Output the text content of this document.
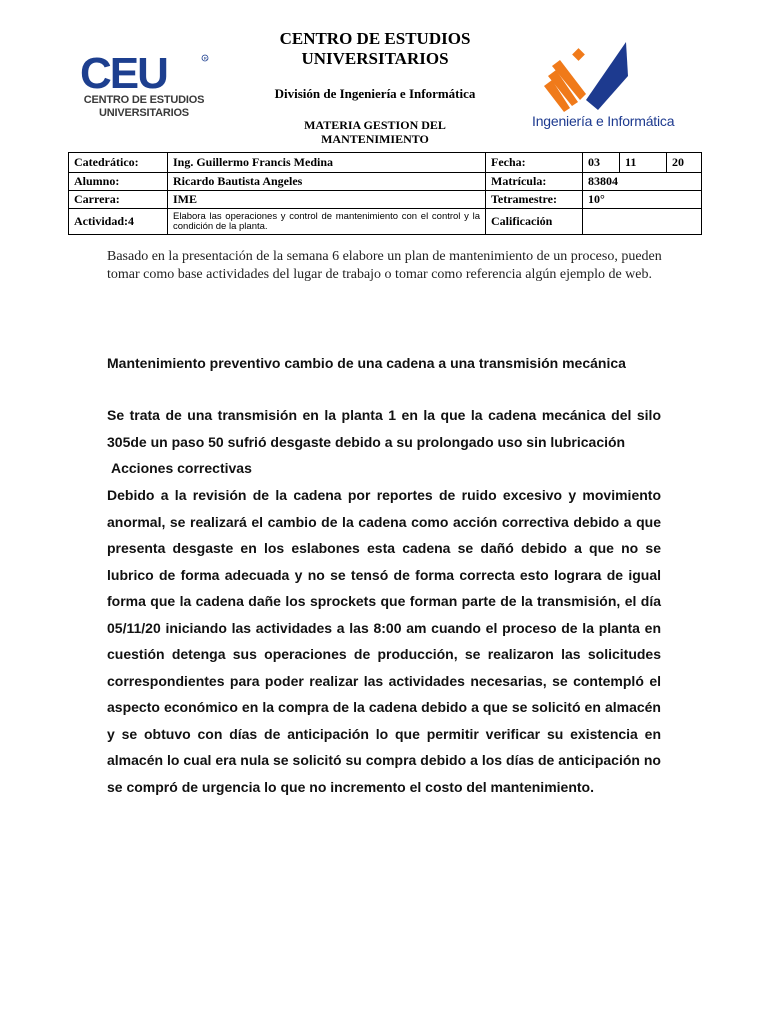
CEU	R
CENTRO DE ESTUDIOS
UNIVERSITARIOS
CENTRO DE ESTUDIOS
UNIVERSITARIOS
División de Ingeniería e Informática
MATERIA GESTION DEL
MANTENIMIENTO
Ingeniería e Informática
Catedrático:	Ing. Guillermo Francis Medina	Fecha:	03	11	20
Alumno:	Ricardo Bautista Angeles	Matrícula:	83804		
Carrera:	IME	Tetramestre:	10°		
Actividad:4	Elabora las operaciones y control de mantenimiento con el control y la condición de la planta.	Calificación			
Basado en la presentación de la semana 6 elabore un plan de mantenimiento de un proceso, pueden tomar como base actividades del lugar de trabajo o tomar como referencia algún ejemplo de web.

Mantenimiento preventivo cambio de una cadena a una transmisión mecánica

Se trata de una transmisión en la planta 1 en la que la cadena mecánica del silo 305de un paso 50 sufrió desgaste debido a su prolongado uso sin lubricación

Acciones correctivas

Debido a la revisión de la cadena por reportes de ruido excesivo y movimiento anormal, se realizará el cambio de la cadena como acción correctiva debido a que presenta desgaste en los eslabones esta cadena se dañó debido a que no se lubrico de forma adecuada y no se tensó de forma correcta esto lograra de igual forma que la cadena dañe los sprockets que forman parte de la transmisión, el día 05/11/20 iniciando las actividades a las 8:00 am cuando el proceso de la planta en cuestión detenga sus operaciones de producción, se realizaron las solicitudes correspondientes para poder realizar las actividades necesarias, se contempló el aspecto económico en la compra de la cadena debido a que se solicitó en almacén y se obtuvo con días de anticipación lo que permitir verificar su existencia en almacén lo cual era nula se solicitó su compra debido a los días de anticipación no se compró de urgencia lo que no incremento el costo del mantenimiento.
